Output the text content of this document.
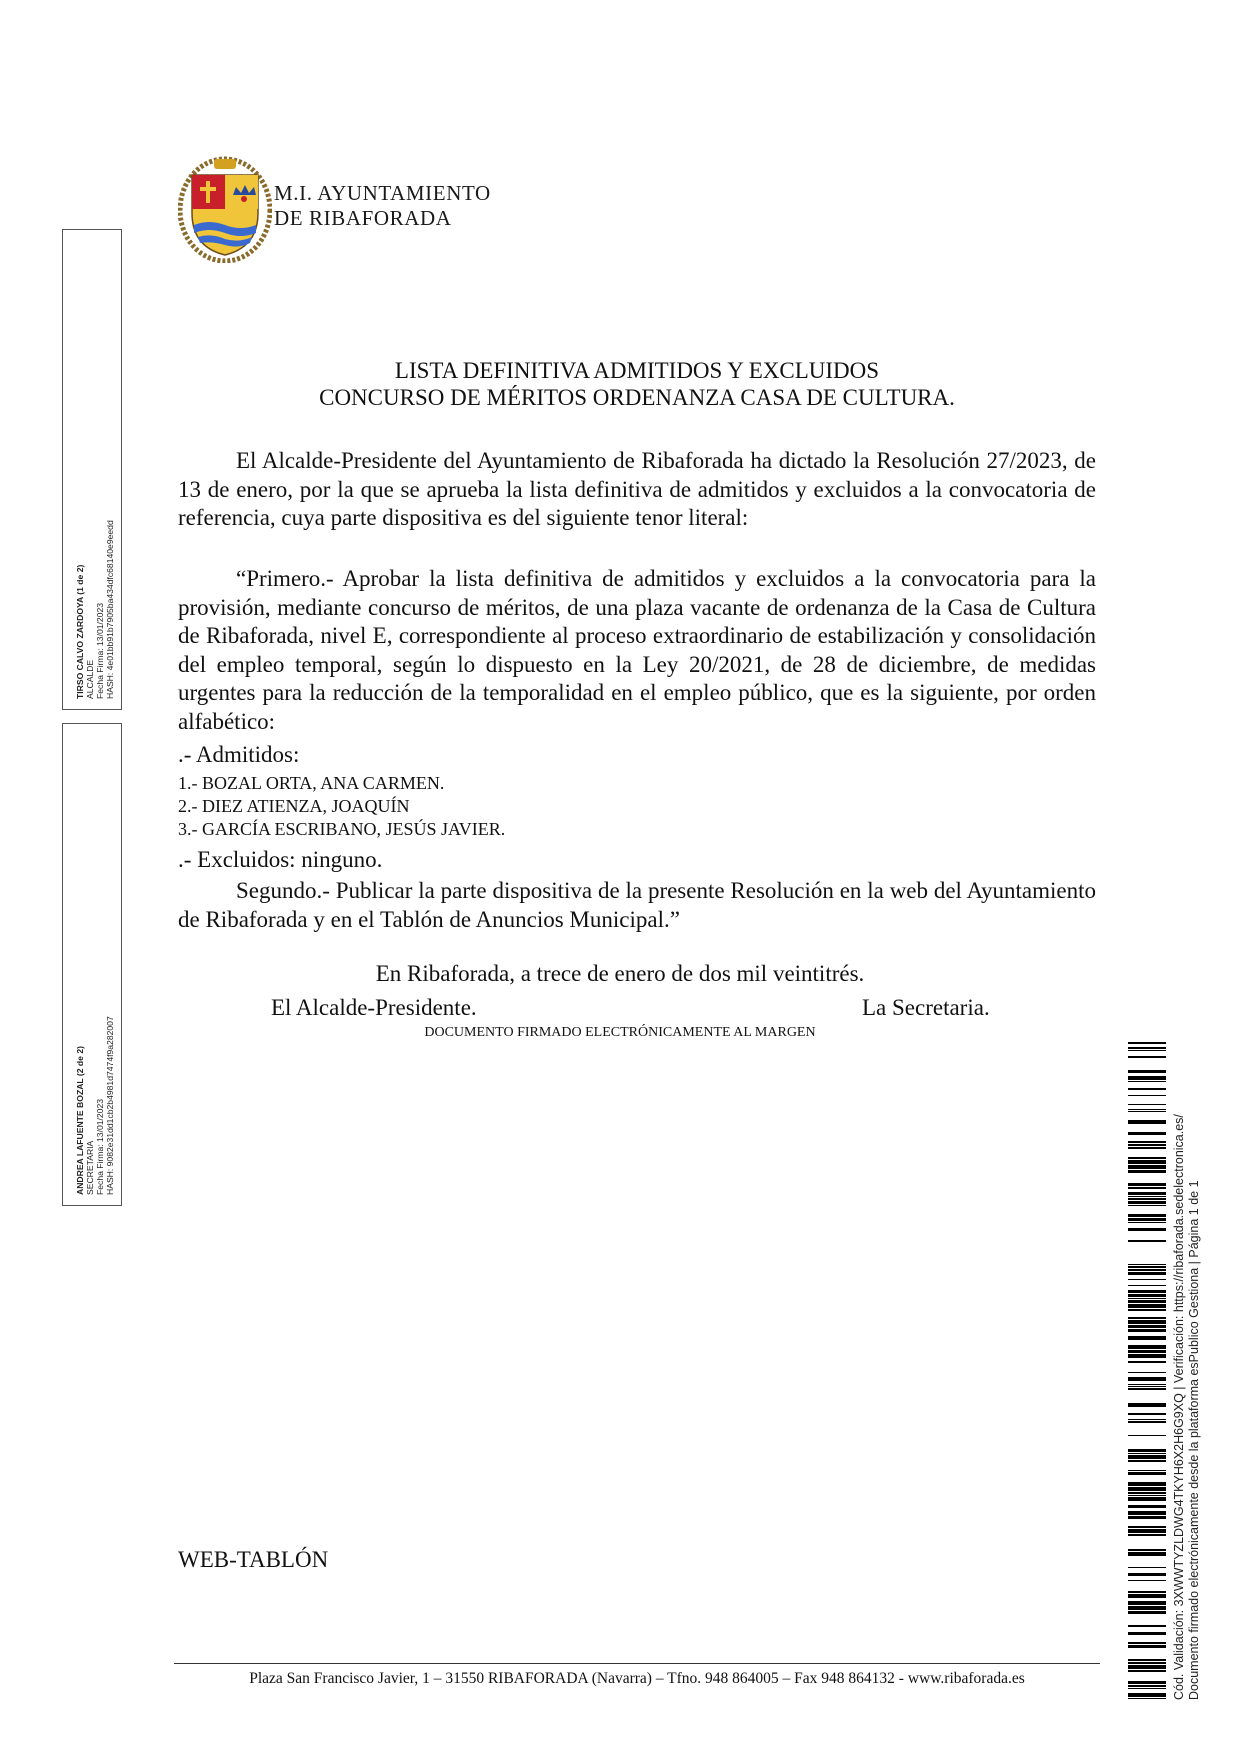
M.I. AYUNTAMIENTO
DE RIBAFORADA
TIRSO CALVO ZARDOYA (1 de 2) ALCALDE Fecha Firma: 13/01/2023 HASH: 4e01bb91b7905ba434dfc68140e9eedd
ANDREA LAFUENTE BOZAL (2 de 2) SECRETARIA Fecha Firma: 13/01/2023 HASH: 9082e31dd1cb2b4981d7474f9a282007
LISTA DEFINITIVA ADMITIDOS Y EXCLUIDOS
CONCURSO DE MÉRITOS ORDENANZA CASA DE CULTURA.

El Alcalde-Presidente del Ayuntamiento de Ribaforada ha dictado la Resolución 27/2023, de 13 de enero, por la que se aprueba la lista definitiva de admitidos y excluidos a la convocatoria de referencia, cuya parte dispositiva es del siguiente tenor literal:

“Primero.- Aprobar la lista definitiva de admitidos y excluidos a la convocatoria para la provisión, mediante concurso de méritos, de una plaza vacante de ordenanza de la Casa de Cultura de Ribaforada, nivel E, correspondiente al proceso extraordinario de estabilización y consolidación del empleo temporal, según lo dispuesto en la Ley 20/2021, de 28 de diciembre, de medidas urgentes para la reducción de la temporalidad en el empleo público, que es la siguiente, por orden alfabético:

.- Admitidos:
1.- BOZAL ORTA, ANA CARMEN.
2.- DIEZ ATIENZA, JOAQUÍN
3.- GARCÍA ESCRIBANO, JESÚS JAVIER.
.- Excluidos: ninguno.

Segundo.- Publicar la parte dispositiva de la presente Resolución en la web del Ayuntamiento de Ribaforada y en el Tablón de Anuncios Municipal.”

En Ribaforada, a trece de enero de dos mil veintitrés.
El Alcalde-Presidente.	La Secretaria.
DOCUMENTO FIRMADO ELECTRÓNICAMENTE AL MARGEN
WEB-TABLÓN
Plaza San Francisco Javier, 1 – 31550 RIBAFORADA (Navarra) – Tfno. 948 864005 – Fax 948 864132 - www.ribaforada.es	Cód. Validación: 3XWWTYZLDWG4TKYH6X2H6G9XQ | Verificación: https://ribaforada.sedelectronica.es/ Documento firmado electrónicamente desde la plataforma esPublico Gestiona | Página 1 de 1
